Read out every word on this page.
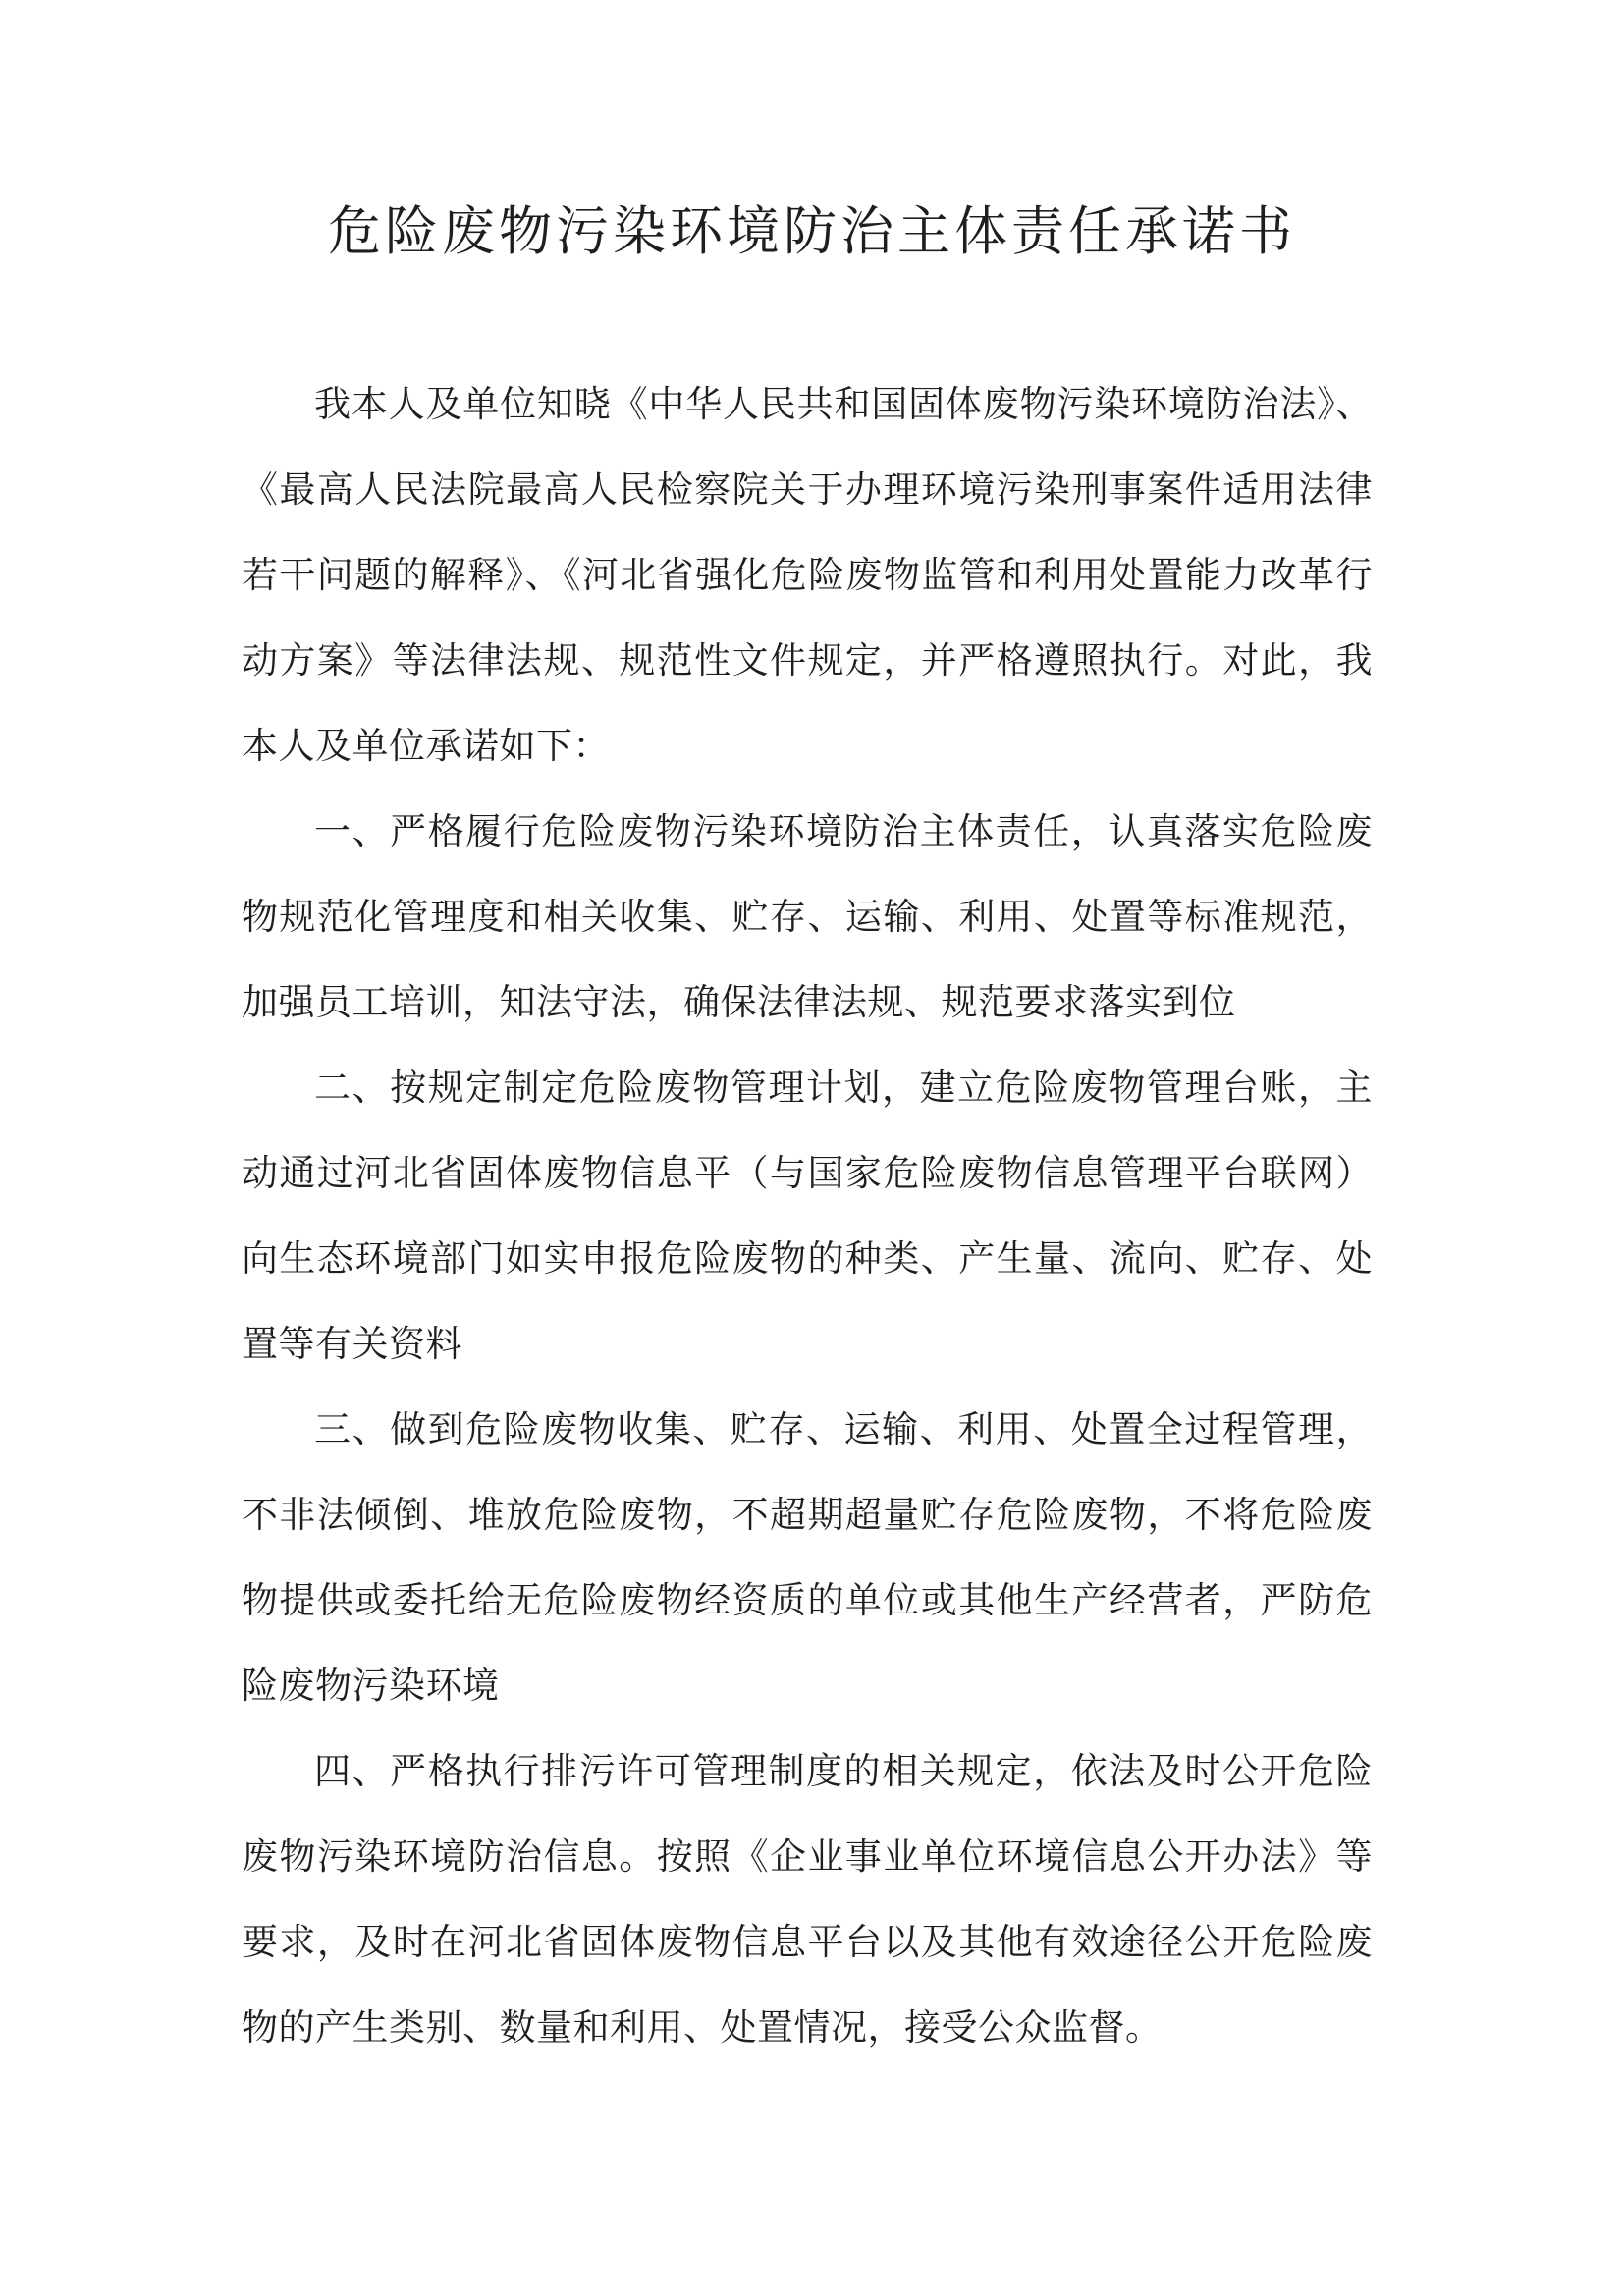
危险废物污染环境防治主体责任承诺书

我本人及单位知晓《中华人民共和国固体废物污染环境防治法》、《最高人民法院最高人民检察院关于办理环境污染刑事案件适用法律若干问题的解释》、《河北省强化危险废物监管和利用处置能力改革行动方案》等法律法规、规范性文件规定，并严格遵照执行。对此，我本人及单位承诺如下：

一、严格履行危险废物污染环境防治主体责任，认真落实危险废物规范化管理度和相关收集、贮存、运输、利用、处置等标准规范，加强员工培训，知法守法，确保法律法规、规范要求落实到位

二、按规定制定危险废物管理计划，建立危险废物管理台账，主动通过河北省固体废物信息平（与国家危险废物信息管理平台联网）向生态环境部门如实申报危险废物的种类、产生量、流向、贮存、处置等有关资料

三、做到危险废物收集、贮存、运输、利用、处置全过程管理，不非法倾倒、堆放危险废物，不超期超量贮存危险废物，不将危险废物提供或委托给无危险废物经资质的单位或其他生产经营者，严防危险废物污染环境

四、严格执行排污许可管理制度的相关规定，依法及时公开危险废物污染环境防治信息。按照《企业事业单位环境信息公开办法》等要求，及时在河北省固体废物信息平台以及其他有效途径公开危险废物的产生类别、数量和利用、处置情况，接受公众监督。
